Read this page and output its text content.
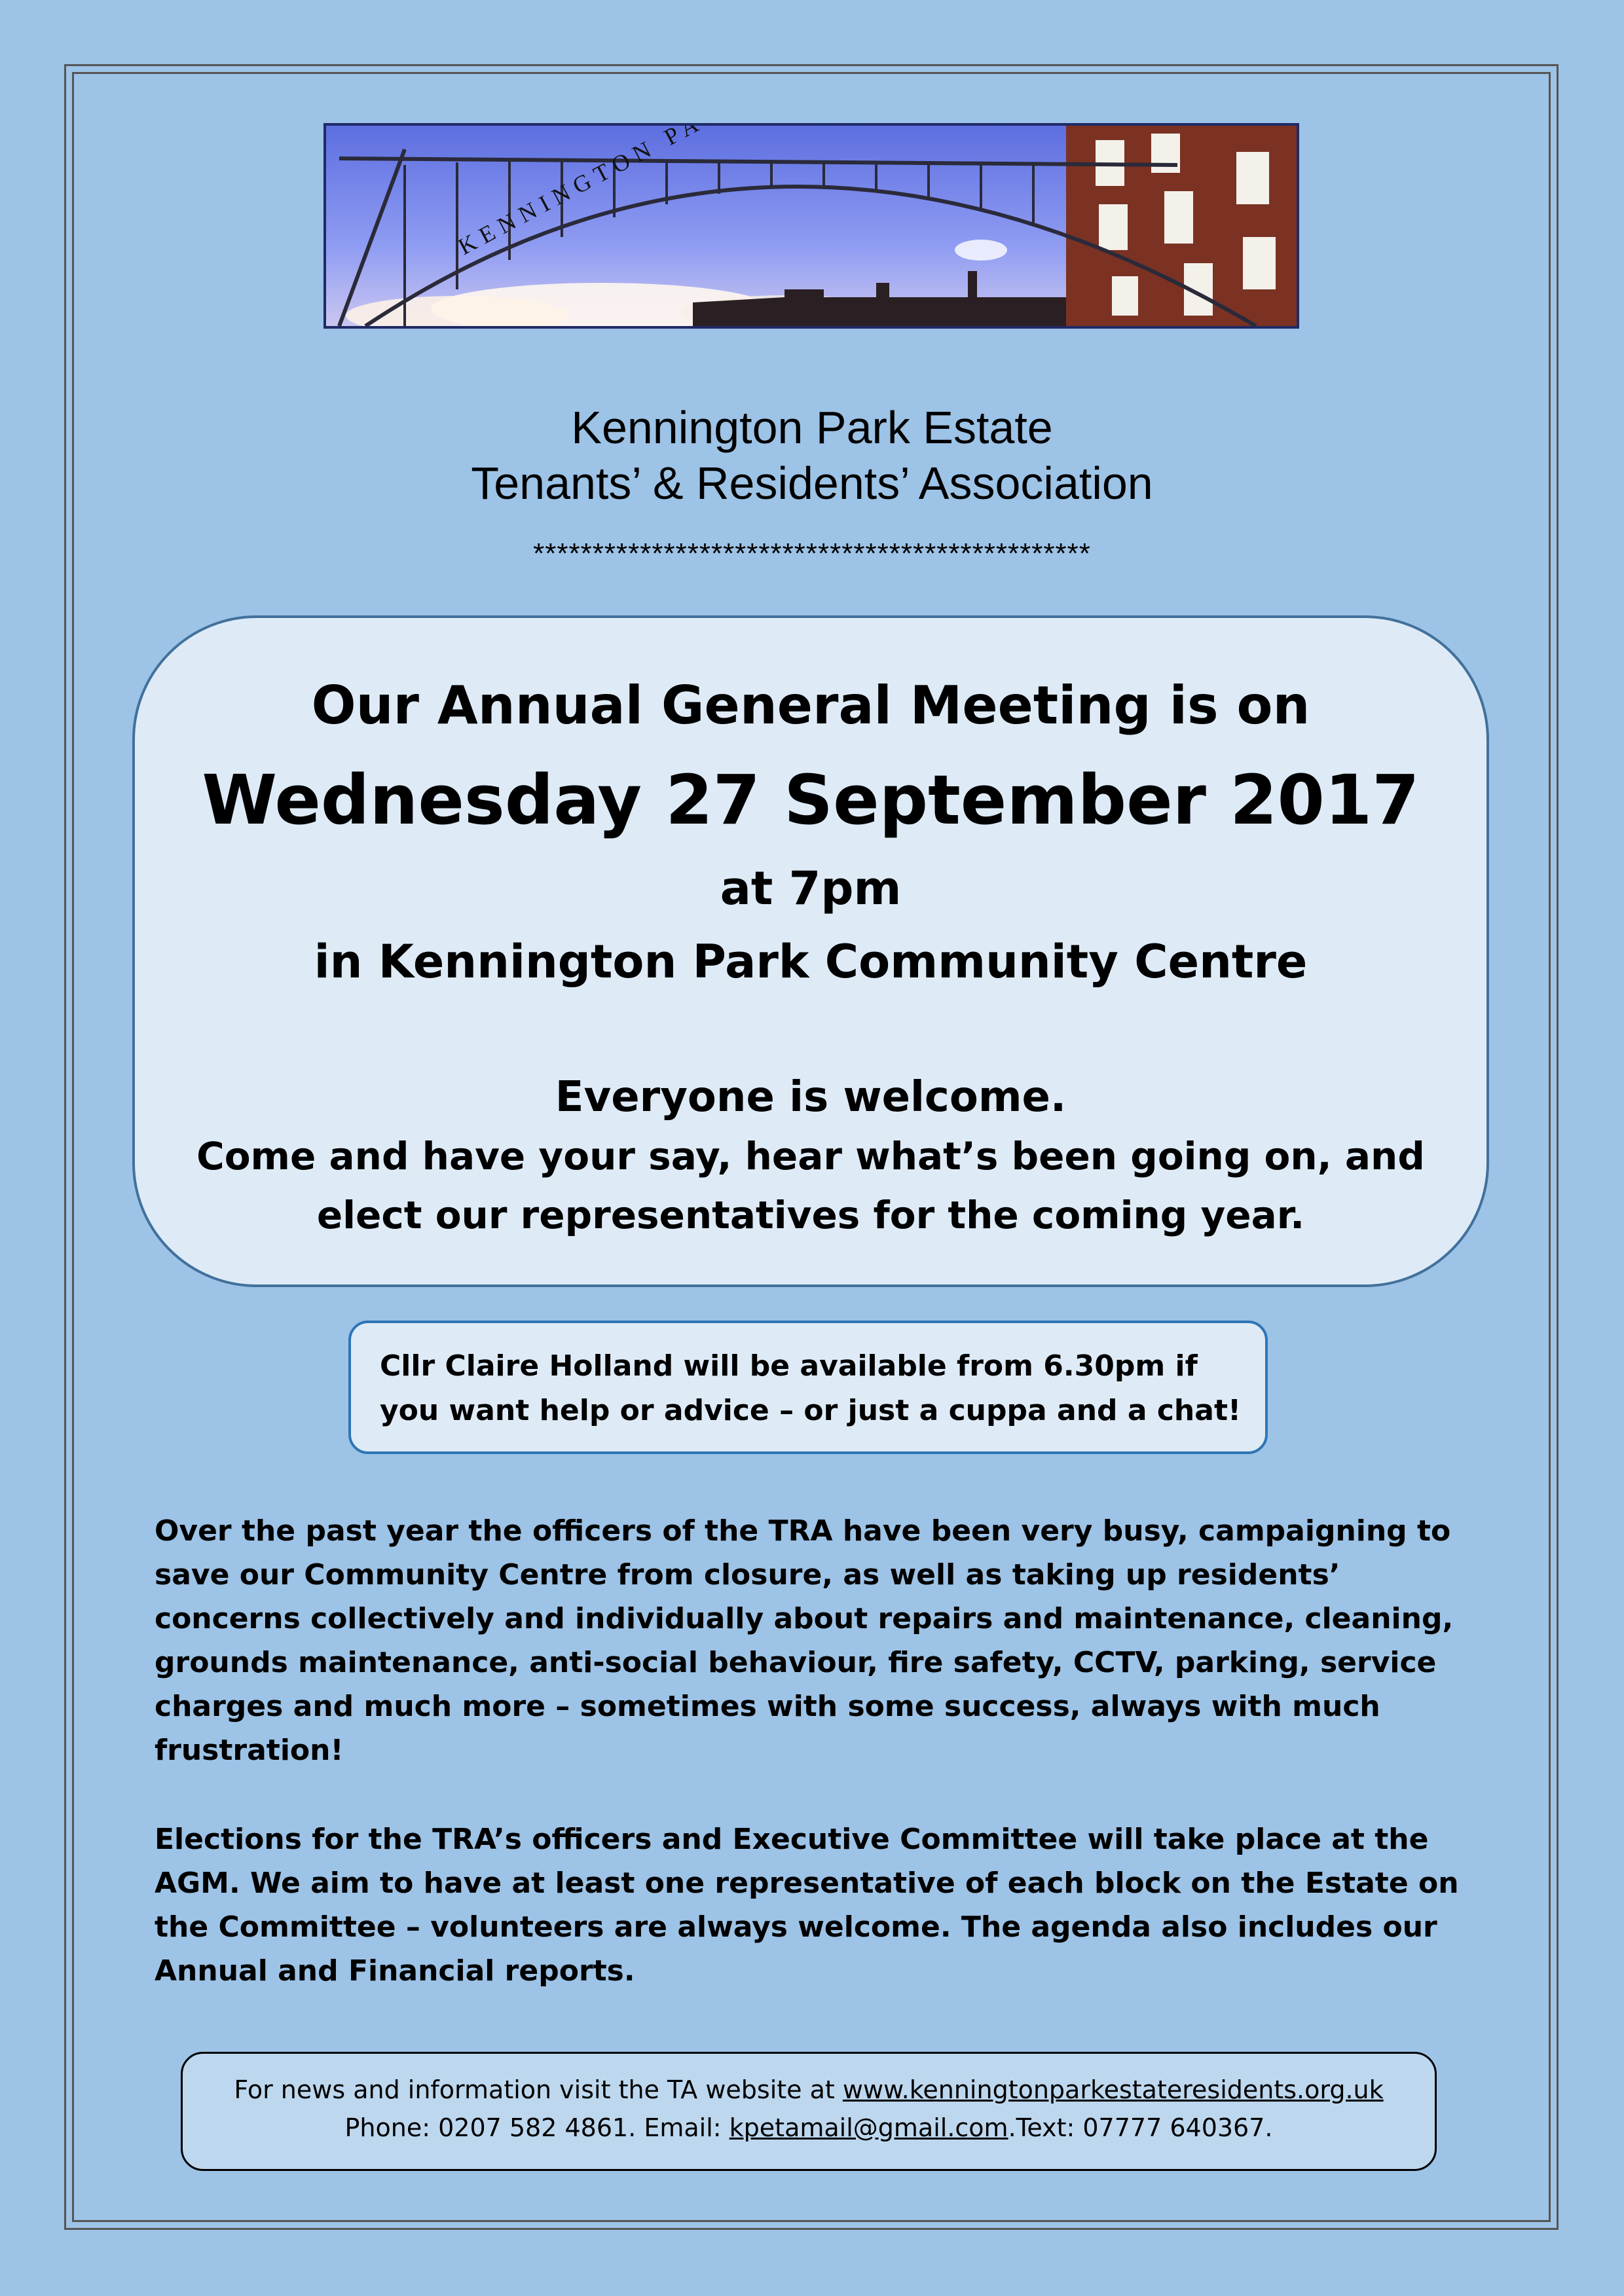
Kennington Park Estate
Tenants’ & Residents’ Association
***********************************************
Our Annual General Meeting is on
Wednesday 27 September 2017
at 7pm
in Kennington Park Community Centre
Everyone is welcome.
Come and have your say, hear what’s been going on, and
elect our representatives for the coming year.
Cllr Claire Holland will be available from 6.30pm if
you want help or advice – or just a cuppa and a chat!
Over the past year the officers of the TRA have been very busy, campaigning to
save our Community Centre from closure, as well as taking up residents’
concerns collectively and individually about repairs and maintenance, cleaning,
grounds maintenance, anti-social behaviour, fire safety, CCTV, parking, service
charges and much more – sometimes with some success, always with much
frustration!
Elections for the TRA’s officers and Executive Committee will take place at the
AGM. We aim to have at least one representative of each block on the Estate on
the Committee – volunteers are always welcome. The agenda also includes our
Annual and Financial reports.
For news and information visit the TA website at www.kenningtonparkestateresidents.org.uk
Phone: 0207 582 4861. Email: kpetamail@gmail.com.Text: 07777 640367.
